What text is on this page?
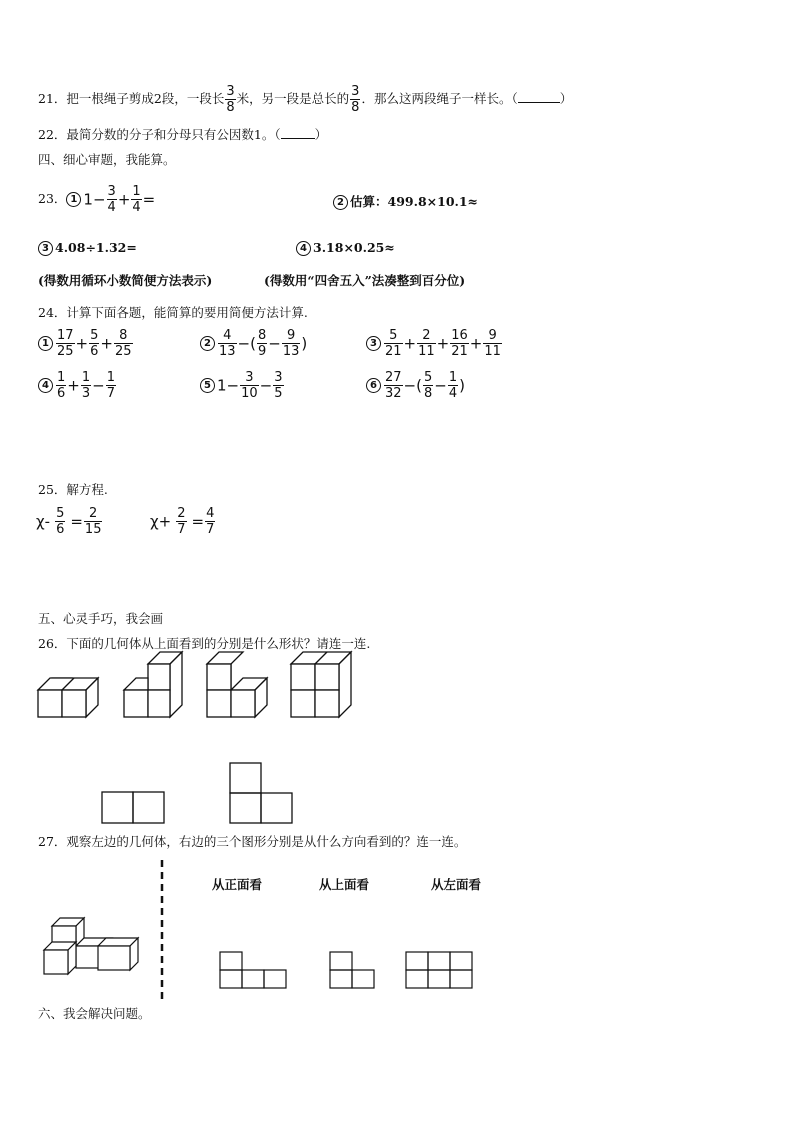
21．把一根绳子剪成2段，一段长 $\frac{3}{8}$ 米，另一段是总长的 $\frac{3}{8}$ ．那么这两段绳子一样长。（	）
22．最简分数的分子和分母只有公因数1。（	）
四、细心审题，我能算。
23． 1 $1- \frac{3}{4} + \frac{1}{4}$ =	2 估算：499.8×10.1≈
3 4.08÷1.32=	4 3.18×0.25≈
(得数用循环小数简便方法表示)	(得数用“四舍五入”法凑整到百分位)
24．计算下面各题，能简算的要用简便方法计算.
$1 \frac{17}{25} + \frac{5}{6} + \frac{8}{25}$	$2 \frac{4}{13}$ −( $\frac{8}{9} - \frac{9}{13}$ )	$3 \frac{5}{21} + \frac{2}{11} + \frac{16}{21} + \frac{9}{11}$
$4 \frac{1}{6} + \frac{1}{3} - \frac{1}{7}$	5 $1- \frac{3}{10} - \frac{3}{5}$	$6 \frac{27}{32}$ −( $\frac{5}{8} - \frac{1}{4}$ )
25．解方程.
$\chi- \frac{5}{6} = \frac{2}{15}$	$\chi+ \frac{2}{7} = \frac{4}{7}$
五、心灵手巧，我会画
26．下面的几何体从上面看到的分别是什么形状？请连一连.
27．观察左边的几何体，右边的三个图形分别是从什么方向看到的？连一连。
从正面看	从上面看	从左面看
六、我会解决问题。
